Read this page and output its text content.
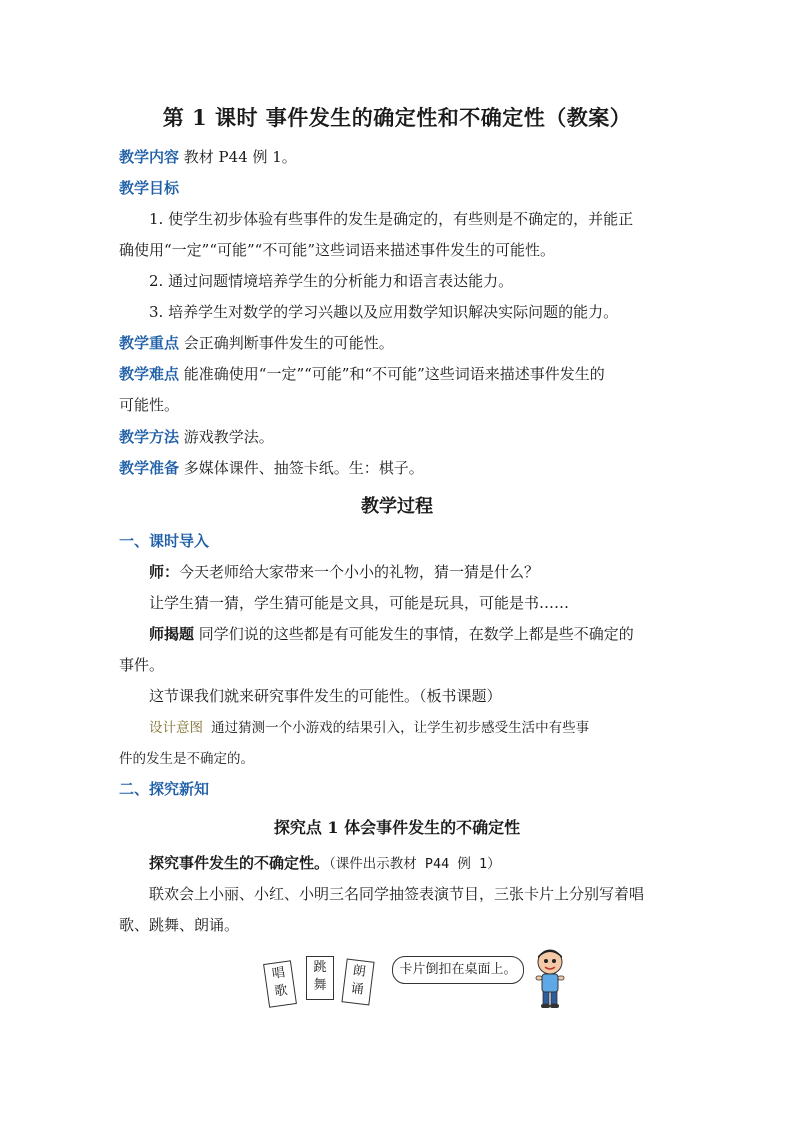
第 1 课时 事件发生的确定性和不确定性（教案）
教学内容 教材 P44 例 1。
教学目标
1. 使学生初步体验有些事件的发生是确定的，有些则是不确定的，并能正
确使用“一定”“可能”“不可能”这些词语来描述事件发生的可能性。
2. 通过问题情境培养学生的分析能力和语言表达能力。
3. 培养学生对数学的学习兴趣以及应用数学知识解决实际问题的能力。
教学重点 会正确判断事件发生的可能性。
教学难点 能准确使用“一定”“可能”和“不可能”这些词语来描述事件发生的
可能性。
教学方法 游戏教学法。
教学准备 多媒体课件、抽签卡纸。生：棋子。
教学过程
一、课时导入
师：今天老师给大家带来一个小小的礼物，猜一猜是什么？
让学生猜一猜，学生猜可能是文具，可能是玩具，可能是书……
师揭题 同学们说的这些都是有可能发生的事情，在数学上都是些不确定的
事件。
这节课我们就来研究事件发生的可能性。（板书课题）
设计意图 通过猜测一个小游戏的结果引入，让学生初步感受生活中有些事
件的发生是不确定的。
二、探究新知
探究点 1 体会事件发生的不确定性
探究事件发生的不确定性。（课件出示教材 P44 例 1）
联欢会上小丽、小红、小明三名同学抽签表演节目，三张卡片上分别写着唱
歌、跳舞、朗诵。
唱
歌
跳
舞
朗
诵
卡片倒扣在桌面上。
